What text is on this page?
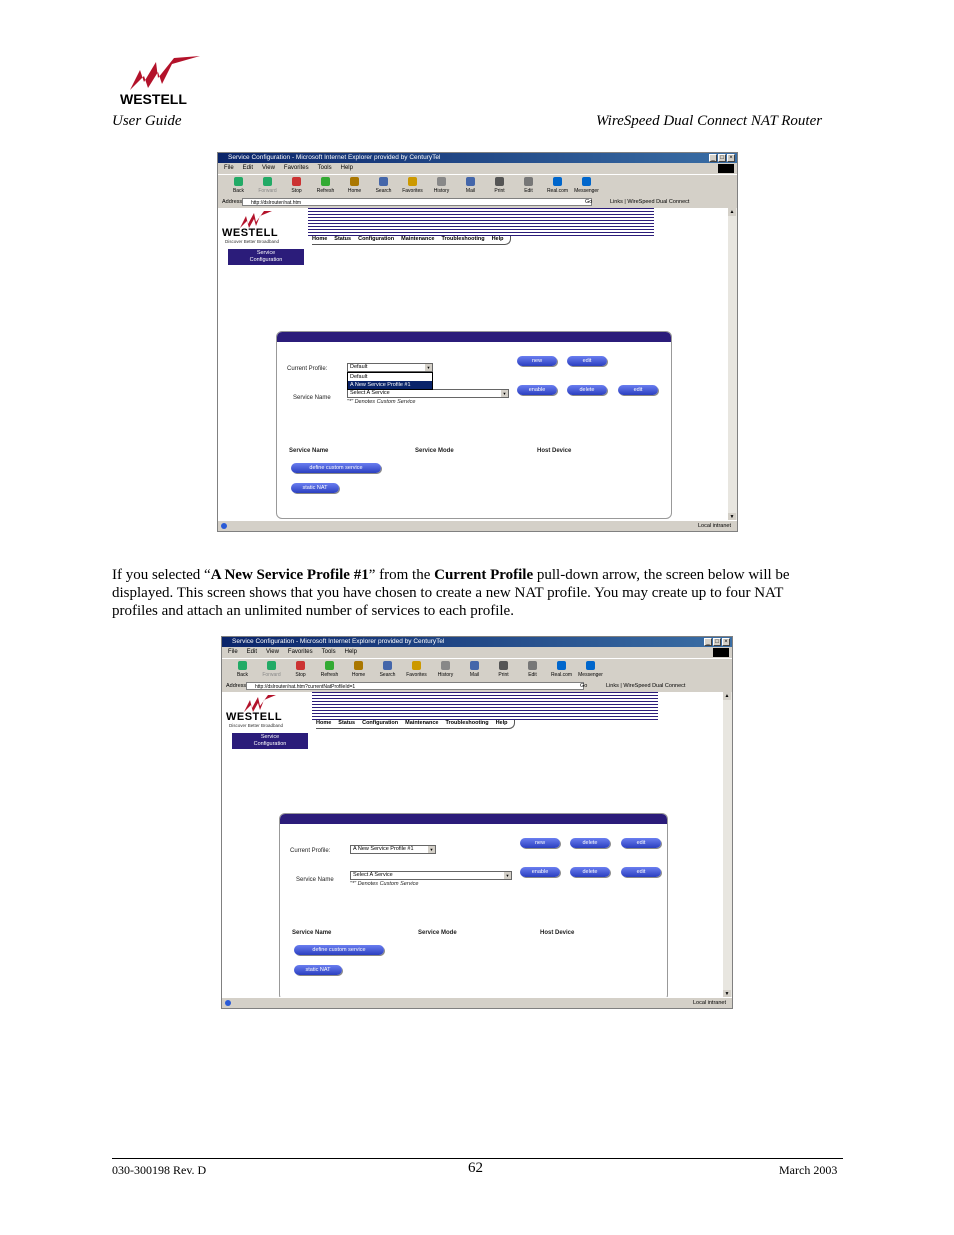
WESTELL
User Guide	WireSpeed Dual Connect NAT Router
Service Configuration - Microsoft Internet Explorer provided by CenturyTel	_ □ ×
File Edit View Favorites Tools Help
Back	Forward	Stop	Refresh	Home	Search	Favorites	History	Mail	Print	Edit	Real.com	Messenger
Address	http://dslrouter/nat.htm	Go	Links | WireSpeed Dual Connect
▲
▼
WESTELL
Discover Better Broadband	Home Status Configuration Maintenance Troubleshooting Help
Service
Configuration
Current Profile:	Default	▼
Service Name
Select A Service	▼
"*" Denotes Custom Service
Default
A New Service Profile #1
new	edit
enable	delete	edit
Service Name	Service Mode	Host Device
define custom service
static NAT
Local intranet

If you selected “A New Service Profile #1” from the Current Profile pull-down arrow, the screen below will be displayed. This screen shows that you have chosen to create a new NAT profile. You may create up to four NAT profiles and attach an unlimited number of services to each profile.

Service Configuration - Microsoft Internet Explorer provided by CenturyTel	_ □ ×
File Edit View Favorites Tools Help
Back	Forward	Stop	Refresh	Home	Search	Favorites	History	Mail	Print	Edit	Real.com	Messenger
Address	http://dslrouter/nat.htm?currentNatProfileId=1	Go	Links | WireSpeed Dual Connect
▲
▼
WESTELL
Discover Better Broadband	Home Status Configuration Maintenance Troubleshooting Help
Service
Configuration
Current Profile:	A New Service Profile #1	▼
Service Name
Select A Service	▼
"*" Denotes Custom Service
new	delete	edit
enable	delete	edit
Service Name	Service Mode	Host Device
define custom service
static NAT
Local intranet
030-300198 Rev. D	62	March 2003
